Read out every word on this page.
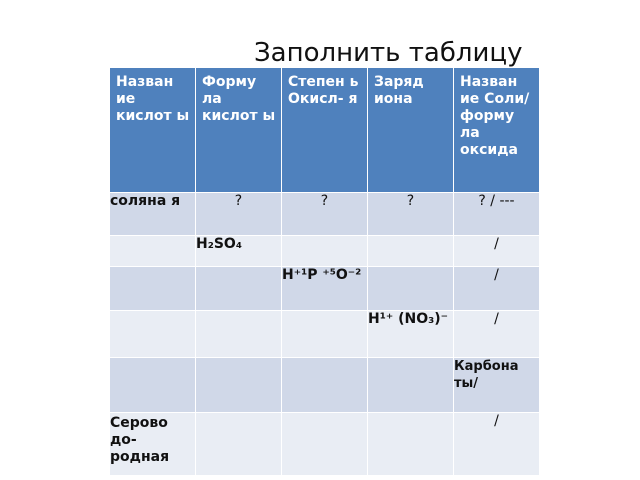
Заполнить таблицу
Назван ие кислот ы	Форму ла кислот ы	Степен ь Окисл- я	Заряд иона	Назван ие Соли/ форму ла оксида
соляна я	?	?	?	? / ---
	H₂SO₄			/
		H⁺¹P ⁺⁵O⁻²		/
			H¹⁺ (NO₃)⁻	/
				Карбона ты/
Серово до- родная				/
